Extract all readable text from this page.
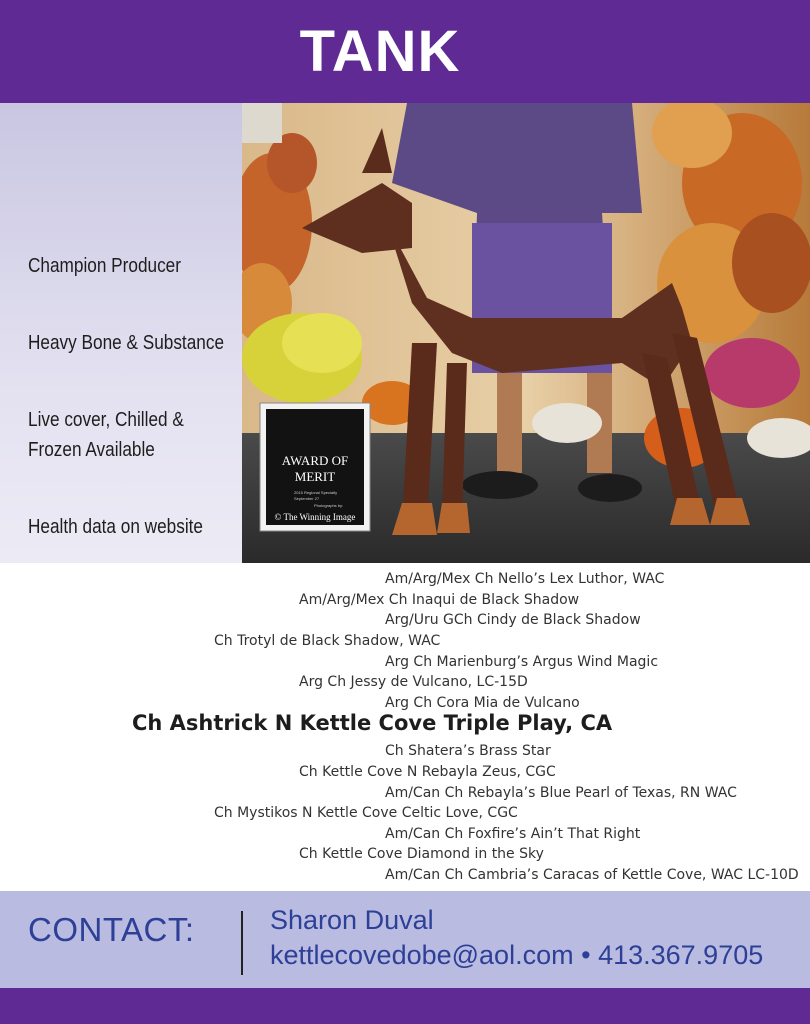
TANK
Champion Producer
Heavy Bone & Substance
Live cover, Chilled &
Frozen Available
Health data on website
AWARD OF
MERIT
2015 Regional Specialty
September 27
Photographs by:
© The Winning Image
Am/Arg/Mex Ch Nello’s Lex Luthor, WAC
Am/Arg/Mex Ch Inaqui de Black Shadow
Arg/Uru GCh Cindy de Black Shadow
Ch Trotyl de Black Shadow, WAC
Arg Ch Marienburg’s Argus Wind Magic
Arg Ch Jessy de Vulcano, LC-15D
Arg Ch Cora Mia de Vulcano
Ch Ashtrick N Kettle Cove Triple Play, CA
Ch Shatera’s Brass Star
Ch Kettle Cove N Rebayla Zeus, CGC
Am/Can Ch Rebayla’s Blue Pearl of Texas, RN WAC
Ch Mystikos N Kettle Cove Celtic Love, CGC
Am/Can Ch Foxfire’s Ain’t That Right
Ch Kettle Cove Diamond in the Sky
Am/Can Ch Cambria’s Caracas of Kettle Cove, WAC LC-10D
CONTACT:	Sharon Duval
kettlecovedobe@aol.com • 413.367.9705
